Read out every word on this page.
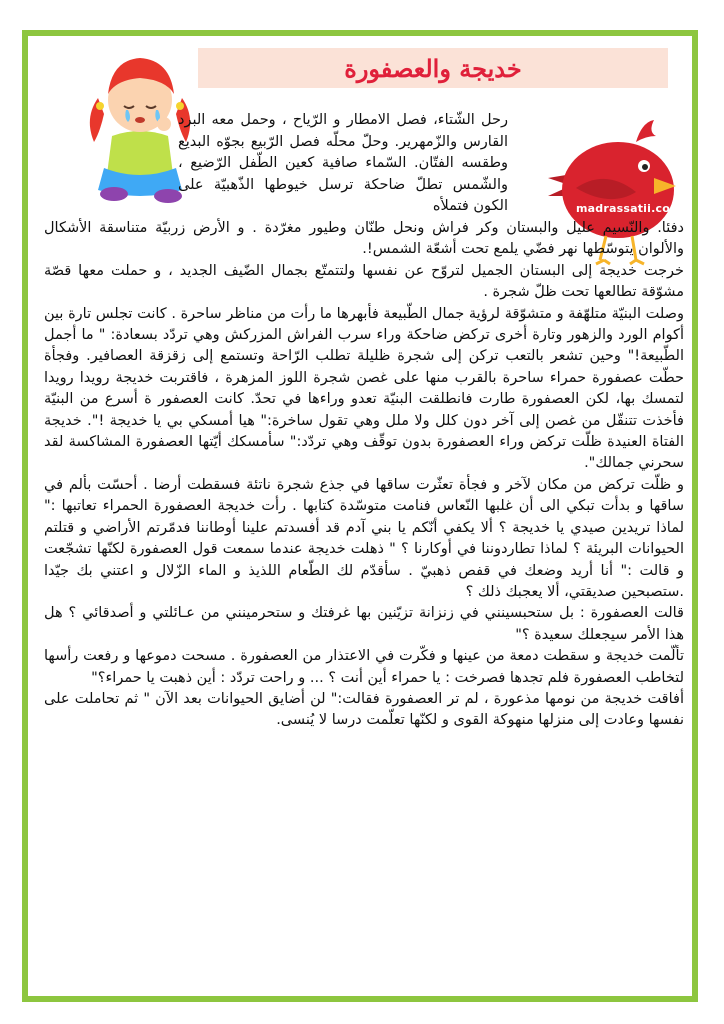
خديجة والعصفورة
madrassatii.com
رحل الشّتاء، فصل الامطار و الرّياح ، وحمل معه البرد القارس والزّمهرير. وحلّ محلّه فصل الرّبيع بجوّه البديع وطقسه الفتّان. السّماء صافية كعين الطّفل الرّضيع ، والشّمس تطلّ ضاحكة ترسل خيوطها الذّهبيّة على الكون فتملأه

دفئا. والنّسيم عليل والبستان وكر فراش ونحل طنّان وطيور مغرّدة . و الأرض زربيّة متناسقة الأشكال والألوان يتوسّطها نهر فضّي يلمع تحت أشعّة الشمس!.

خرجت خديجة إلى البستان الجميل لتروّح عن نفسها ولتتمتّع بجمال الضّيف الجديد ، و حملت معها قصّة مشوّقة تطالعها تحت ظلّ شجرة .

وصلت البنيّة متلهّفة و متشوّقة لرؤية جمال الطّبيعة فأبهرها ما رأت من مناظر ساحرة . كانت تجلس تارة بين أكوام الورد والزهور وتارة أخرى تركض ضاحكة وراء سرب الفراش المزركش وهي تردّد بسعادة: " ما أجمل الطّبيعة!" وحين تشعر بالتعب تركن إلى شجرة ظليلة تطلب الرّاحة وتستمع إلى زقزقة العصافير. وفجأة حطّت عصفورة حمراء ساحرة بالقرب منها على غصن شجرة اللوز المزهرة ، فاقتربت خديجة رويدا رويدا لتمسك بها، لكن العصفورة طارت فانطلقت البنيّة تعدو وراءها في تحدّ. كانت العصفور ة أسرع من البنيّة فأخذت تتنقّل من غصن إلى آخر دون كلل ولا ملل وهي تقول ساخرة:" هيا أمسكي بي يا خديجة !". خديجة الفتاة العنيدة ظلّت تركض وراء العصفورة بدون توقّف وهي تردّد:" سأمسكك أيّتها العصفورة المشاكسة لقد سحرني جمالك".

و ظلّت تركض من مكان لآخر و فجأة تعثّرت ساقها في جذع شجرة ناتئة فسقطت أرضا . أحسّت بألم في ساقها و بدأت تبكي الى أن غلبها النّعاس فنامت متوسّدة كتابها . رأت خديجة العصفورة الحمراء تعاتبها :" لماذا تريدين صيدي يا خديجة ؟ ألا يكفي أنّكم يا بني آدم قد أفسدتم علينا أوطاننا فدمّرتم الأراضي و قتلتم الحيوانات البريئة ؟ لماذا تطاردوننا في أوكارنا ؟ " ذهلت خديجة عندما سمعت قول العصفورة لكنّها تشجّعت و قالت :" أنا أريد وضعك في قفص ذهبيّ . سأقدّم لك الطّعام اللذيذ و الماء الزّلال و اعتني بك جيّدا .ستصبحين صديقتي، ألا يعجبك ذلك ؟

قالت العصفورة : بل ستحبسينني في زنزانة تزيّنين بها غرفتك و ستحرمينني من عـائلتي و أصدقائي ؟ هل هذا الأمر سيجعلك سعيدة ؟"

تألّمت خديجة و سقطت دمعة من عينها و فكّرت في الاعتذار من العصفورة . مسحت دموعها و رفعت رأسها لتخاطب العصفورة فلم تجدها فصرخت : يا حمراء أين أنت ؟ ... و راحت تردّد : أين ذهبت يا حمراء؟"

أفاقت خديجة من نومها مذعورة ، لم تر العصفورة فقالت:" لن أضايق الحيوانات بعد الآن " ثم تحاملت على نفسها وعادت إلى منزلها منهوكة القوى و لكنّها تعلّمت درسا لا يُنسى.
